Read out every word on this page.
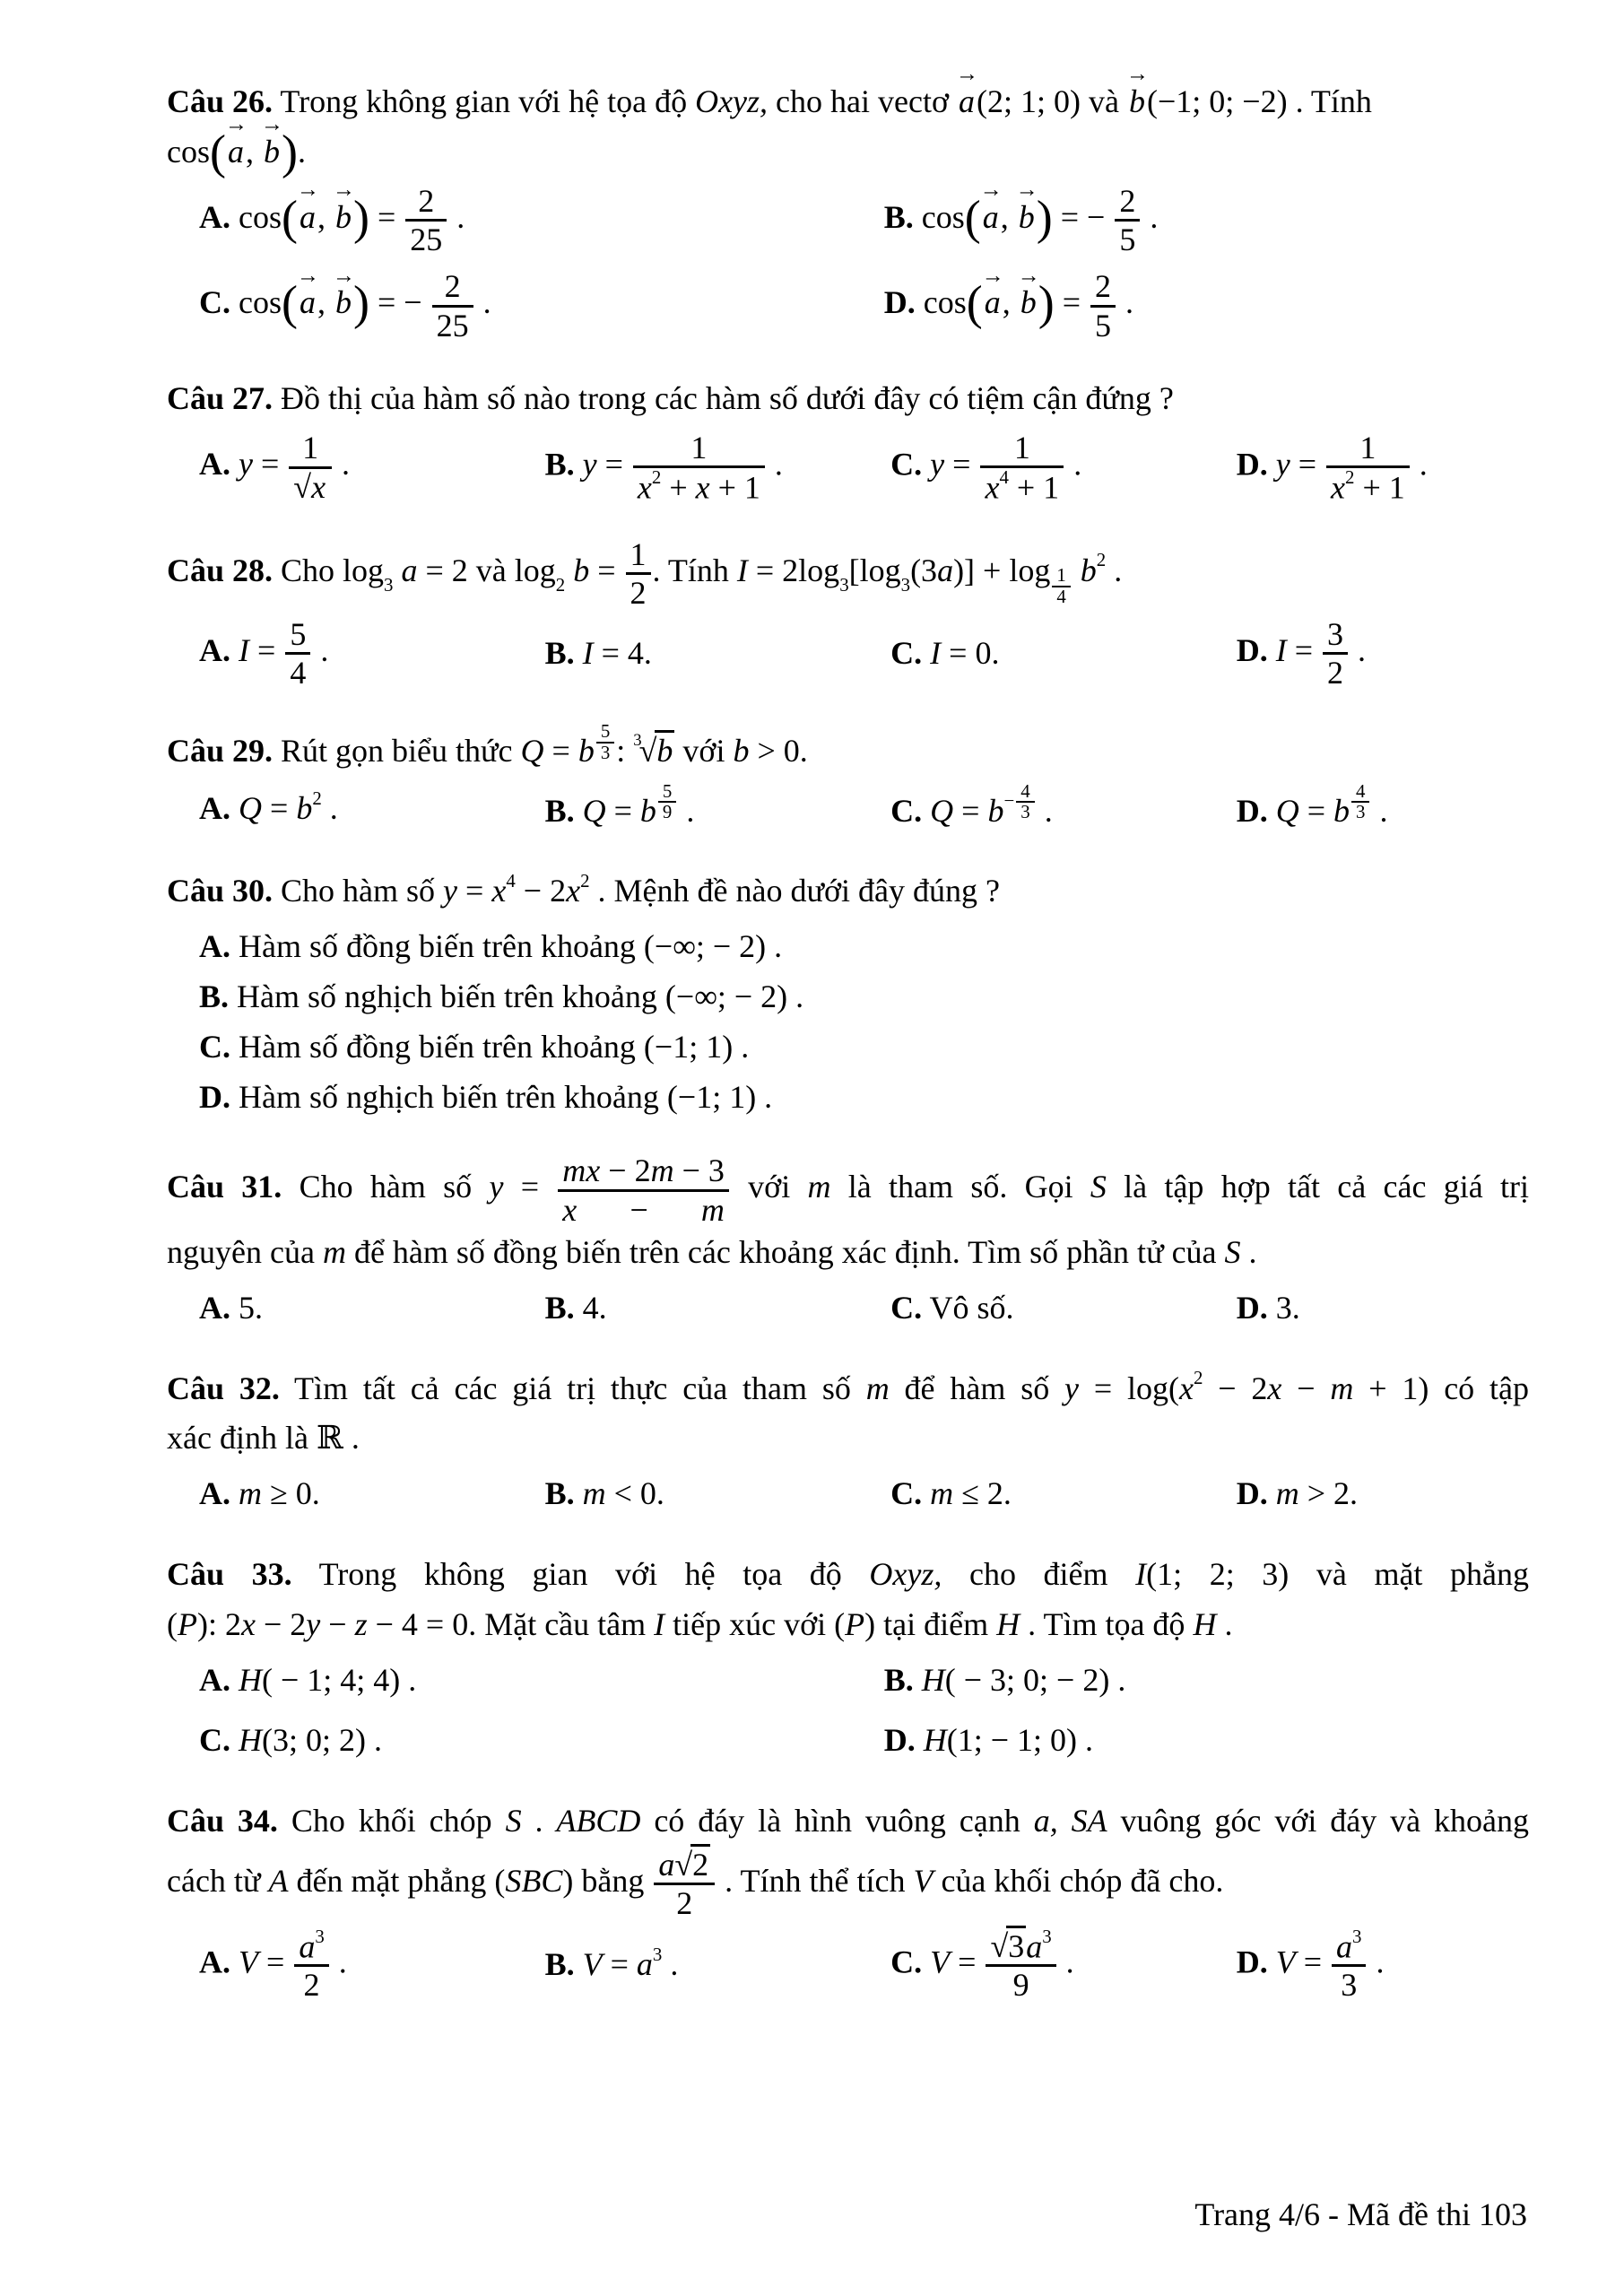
Câu 26. Trong không gian với hệ tọa độ Oxyz, cho hai vectơ
→
a(2; 1; 0) và
→
b(−1; 0; −2) . Tính
cos(
→
a,
→
b).
A. cos(
→
a,
→
$b) = \frac{2}{25}$ .	B. cos(
→
a,
→
b) = − $\frac{2}{5}$ .
C. cos(
→
a,
→
b) = − $\frac{2}{25}$ .	D. cos(
→
a,
→
$b) = \frac{2}{5}$ .
Câu 27. Đồ thị của hàm số nào trong các hàm số dưới đây có tiệm cận đứng ?
A. $y = \frac{1}{√x}$ .	B. $y = \frac{1}{x2 + x + 1}$ .	C. $y = \frac{1}{x4 + 1}$ .	D. $y = \frac{1}{x2 + 1}$ .
Câu 28. Cho log3 a = 2 và log2 $b = \frac{1}{2}$ . Tính $I = 2\log 3[\log 3(3a)] + \log \frac{1}{4} b2$ .
A. $I = \frac{5}{4}$ .	B. I = 4.	C. I = 0.	D. $I = \frac{3}{2}$ .
Câu 29. Rút gọn biểu thức Q = b $\frac{5}{3}$ : 3√b với b > 0.
A. Q = b2 .	B. Q = b $\frac{5}{9}$ .	C. $Q = b- \frac{4}{3}$ .	D. Q = b $\frac{4}{3}$ .
Câu 30. Cho hàm số y = x4 − 2x2 . Mệnh đề nào dưới đây đúng ?
A. Hàm số đồng biến trên khoảng (−∞; − 2) .
B. Hàm số nghịch biến trên khoảng (−∞; − 2) .
C. Hàm số đồng biến trên khoảng (−1; 1) .
D. Hàm số nghịch biến trên khoảng (−1; 1) .
Câu 31. Cho hàm số $y = \frac{mx - 2m - 3}{x - m}$ với m là tham số. Gọi S là tập hợp tất cả các giá trị
nguyên của m để hàm số đồng biến trên các khoảng xác định. Tìm số phần tử của S .
A. 5.	B. 4.	C. Vô số.	D. 3.
Câu 32. Tìm tất cả các giá trị thực của tham số m để hàm số y = log(x2 − 2x − m + 1) có tập
xác định là ℝ .
A. m ≥ 0.	B. m < 0.	C. m ≤ 2.	D. m > 2.
Câu 33. Trong không gian với hệ tọa độ Oxyz, cho điểm I(1; 2; 3) và mặt phẳng
(P): 2x − 2y − z − 4 = 0. Mặt cầu tâm I tiếp xúc với (P) tại điểm H . Tìm tọa độ H .
A. H( − 1; 4; 4) .	B. H( − 3; 0; − 2) .
C. H(3; 0; 2) .	D. H(1; − 1; 0) .
Câu 34. Cho khối chóp S . ABCD có đáy là hình vuông cạnh a, SA vuông góc với đáy và khoảng
cách từ A đến mặt phẳng (SBC) bằng $\frac{a√2}{2}$ . Tính thể tích V của khối chóp đã cho.
A. $V = \frac{a3}{2}$ .	B. V = a3 .	C. $V = \frac{√3a3}{9}$ .	D. $V = \frac{a3}{3}$ .
Trang 4/6 - Mã đề thi 103
